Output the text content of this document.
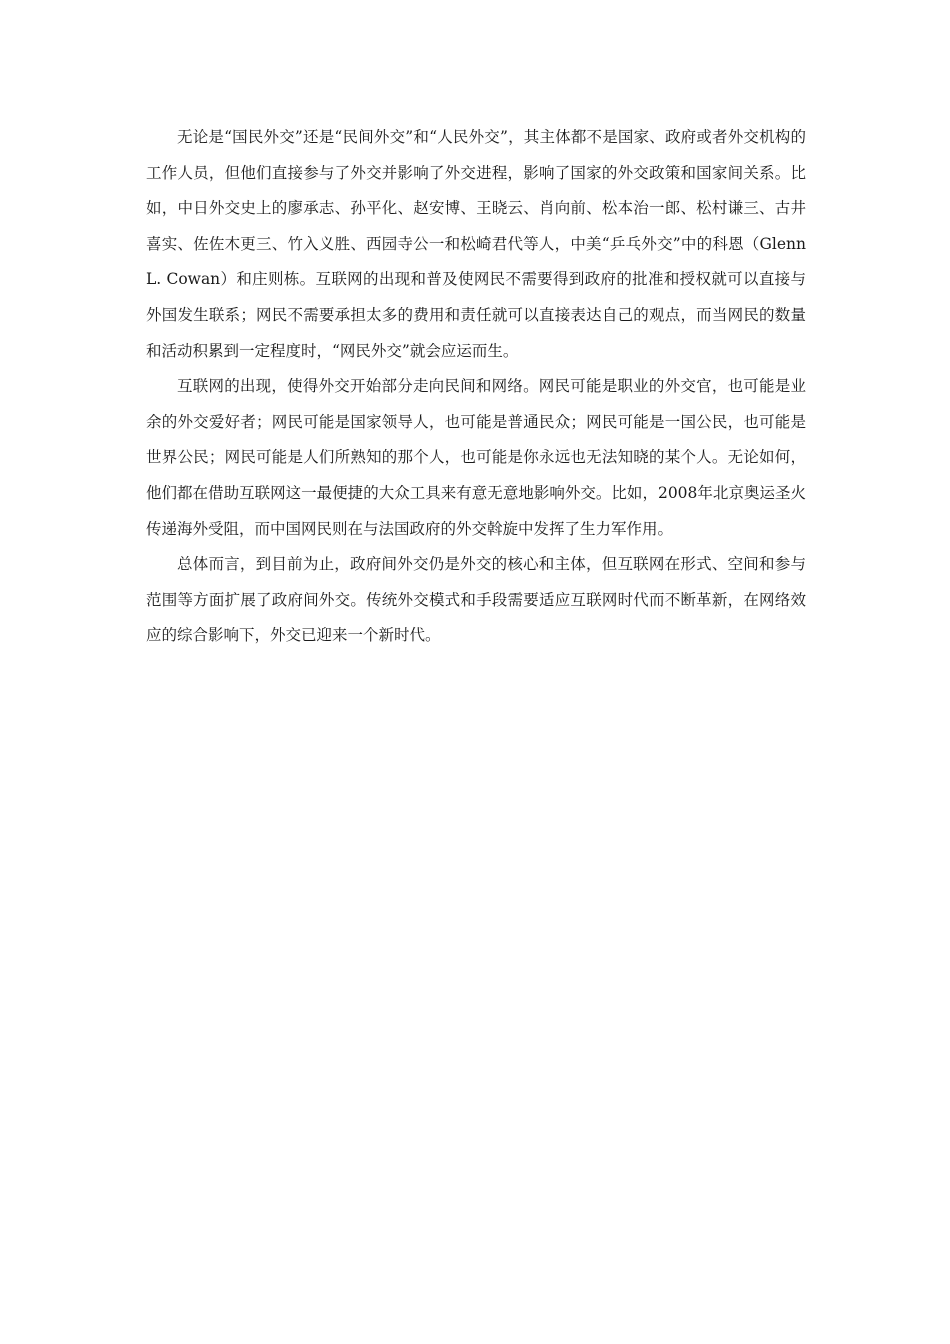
无论是“国民外交”还是“民间外交”和“人民外交”，其主体都不是国家、政府或者外交机构的工作人员，但他们直接参与了外交并影响了外交进程，影响了国家的外交政策和国家间关系。比如，中日外交史上的廖承志、孙平化、赵安博、王晓云、肖向前、松本治一郎、松村谦三、古井喜实、佐佐木更三、竹入义胜、西园寺公一和松崎君代等人，中美“乒乓外交”中的科恩（Glenn L. Cowan）和庄则栋。互联网的出现和普及使网民不需要得到政府的批准和授权就可以直接与外国发生联系；网民不需要承担太多的费用和责任就可以直接表达自己的观点，而当网民的数量和活动积累到一定程度时，“网民外交”就会应运而生。

互联网的出现，使得外交开始部分走向民间和网络。网民可能是职业的外交官，也可能是业余的外交爱好者；网民可能是国家领导人，也可能是普通民众；网民可能是一国公民，也可能是世界公民；网民可能是人们所熟知的那个人，也可能是你永远也无法知晓的某个人。无论如何，他们都在借助互联网这一最便捷的大众工具来有意无意地影响外交。比如，2008年北京奥运圣火传递海外受阻，而中国网民则在与法国政府的外交斡旋中发挥了生力军作用。

总体而言，到目前为止，政府间外交仍是外交的核心和主体，但互联网在形式、空间和参与范围等方面扩展了政府间外交。传统外交模式和手段需要适应互联网时代而不断革新，在网络效应的综合影响下，外交已迎来一个新时代。
